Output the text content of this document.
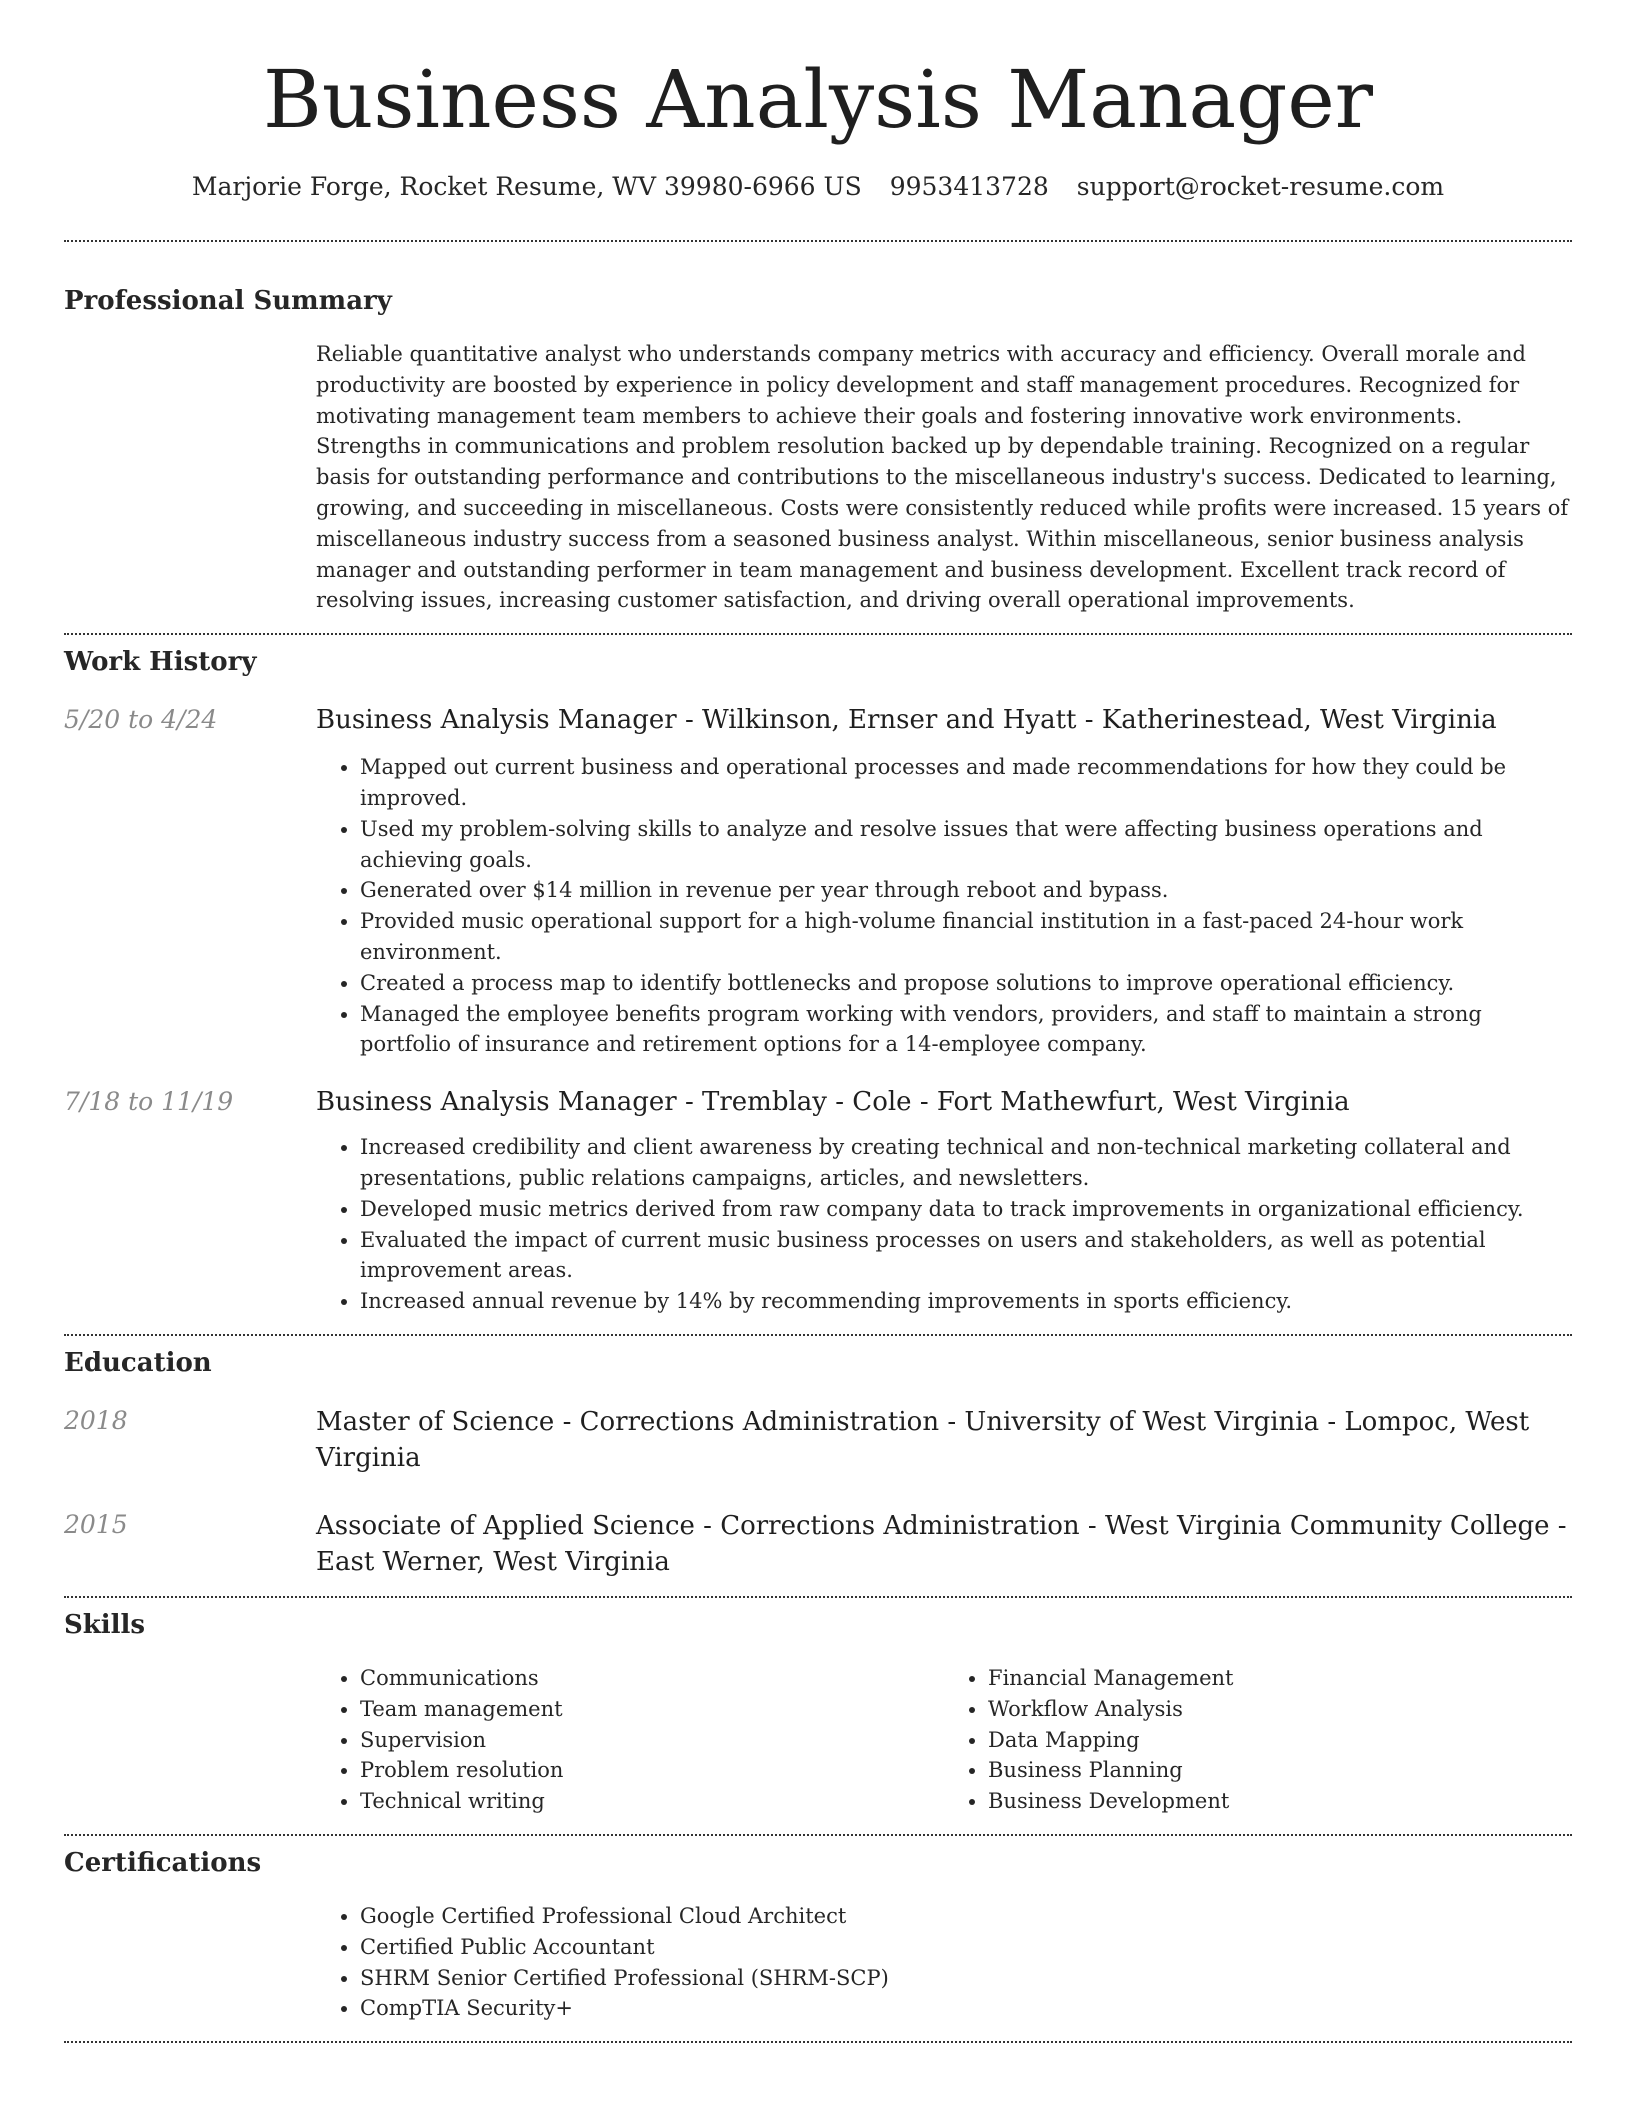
Business Analysis Manager
Marjorie Forge, Rocket Resume, WV 39980-6966 US 9953413728 support@rocket-resume.com
Professional Summary

Reliable quantitative analyst who understands company metrics with accuracy and efficiency. Overall morale and productivity are boosted by experience in policy development and staff management procedures. Recognized for motivating management team members to achieve their goals and fostering innovative work environments. Strengths in communications and problem resolution backed up by dependable training. Recognized on a regular basis for outstanding performance and contributions to the miscellaneous industry's success. Dedicated to learning, growing, and succeeding in miscellaneous. Costs were consistently reduced while profits were increased. 15 years of miscellaneous industry success from a seasoned business analyst. Within miscellaneous, senior business analysis manager and outstanding performer in team management and business development. Excellent track record of resolving issues, increasing customer satisfaction, and driving overall operational improvements.

Work History
5/20 to 4/24	Business Analysis Manager - Wilkinson, Ernser and Hyatt - Katherinestead, West Virginia
• Mapped out current business and operational processes and made recommendations for how they could be improved.
• Used my problem-solving skills to analyze and resolve issues that were affecting business operations and achieving goals.
• Generated over $14 million in revenue per year through reboot and bypass.
• Provided music operational support for a high-volume financial institution in a fast-paced 24-hour work environment.
• Created a process map to identify bottlenecks and propose solutions to improve operational efficiency.
• Managed the employee benefits program working with vendors, providers, and staff to maintain a strong portfolio of insurance and retirement options for a 14-employee company.
7/18 to 11/19	Business Analysis Manager - Tremblay - Cole - Fort Mathewfurt, West Virginia
• Increased credibility and client awareness by creating technical and non-technical marketing collateral and presentations, public relations campaigns, articles, and newsletters.
• Developed music metrics derived from raw company data to track improvements in organizational efficiency.
• Evaluated the impact of current music business processes on users and stakeholders, as well as potential improvement areas.
• Increased annual revenue by 14% by recommending improvements in sports efficiency.
Education
2018	Master of Science - Corrections Administration - University of West Virginia - Lompoc, West Virginia
2015	Associate of Applied Science - Corrections Administration - West Virginia Community College - East Werner, West Virginia
Skills
• Communications
• Team management
• Supervision
• Problem resolution
• Technical writing
• Financial Management
• Workflow Analysis
• Data Mapping
• Business Planning
• Business Development
Certifications
• Google Certified Professional Cloud Architect
• Certified Public Accountant
• SHRM Senior Certified Professional (SHRM-SCP)
• CompTIA Security+
